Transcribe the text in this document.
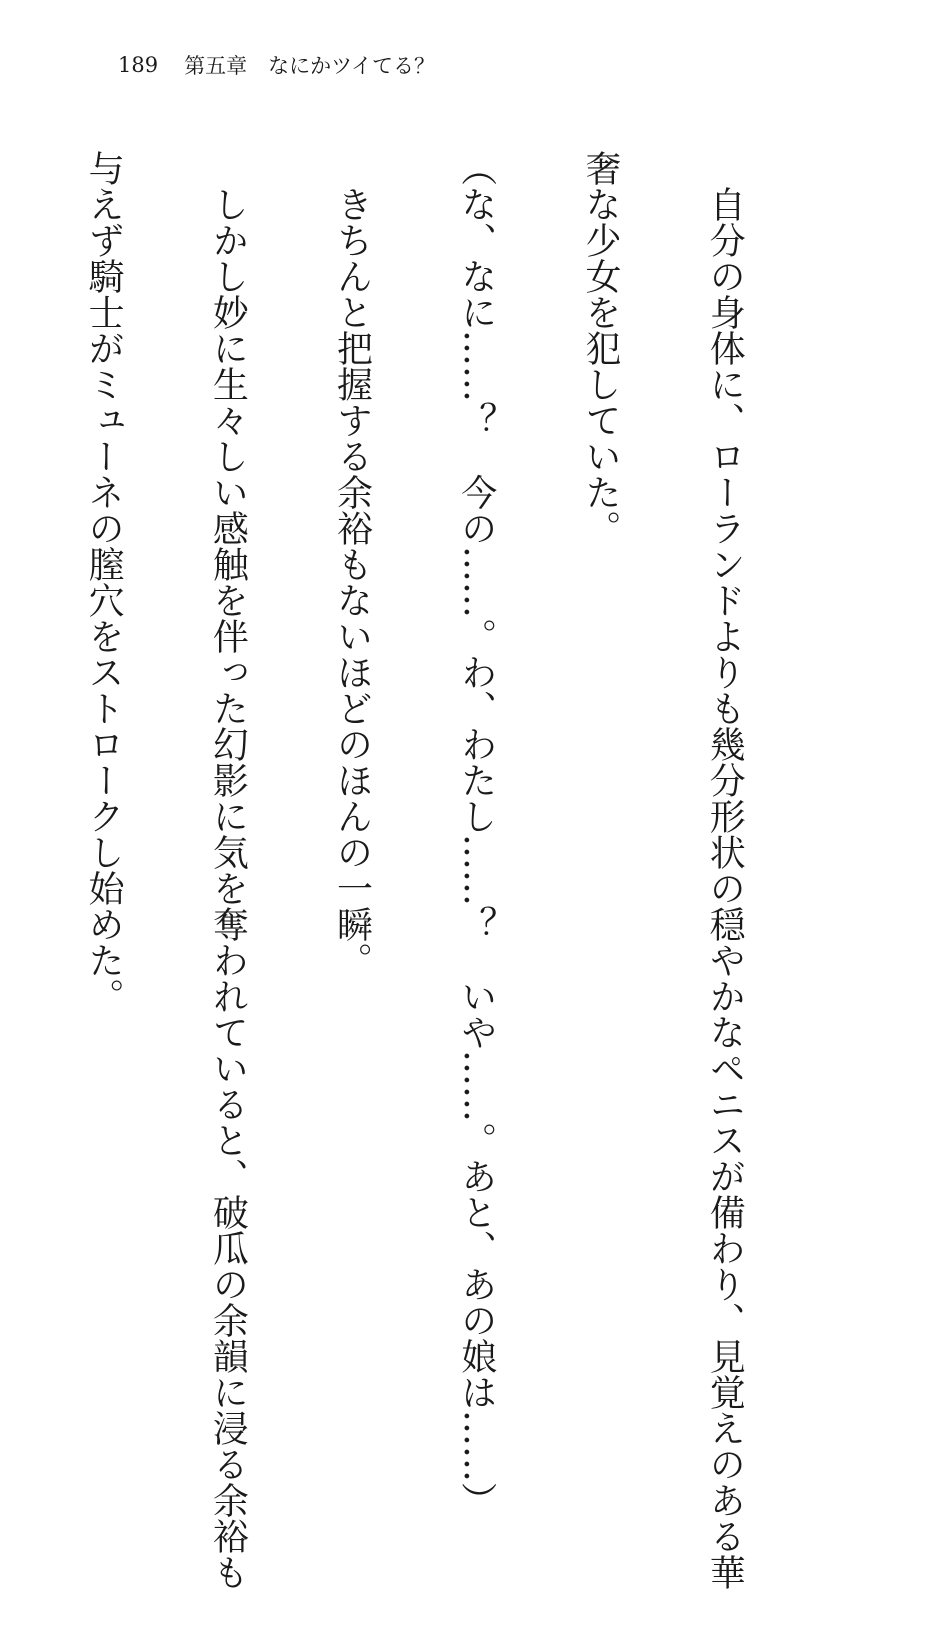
189 第五章　なにかツイてる？

　自分の身体に、ローランドよりも幾分形状の穏やかなペニスが備わり、見覚えのある華

奢な少女を犯していた。

（な、なに……？　今の……。わ、わたし……？　いや……。あと、あの娘は……）

　きちんと把握する余裕もないほどのほんの一瞬。

　しかし妙に生々しい感触を伴った幻影に気を奪われていると、破瓜の余韻に浸る余裕も

与えず騎士がミューネの膣穴をストロークし始めた。
